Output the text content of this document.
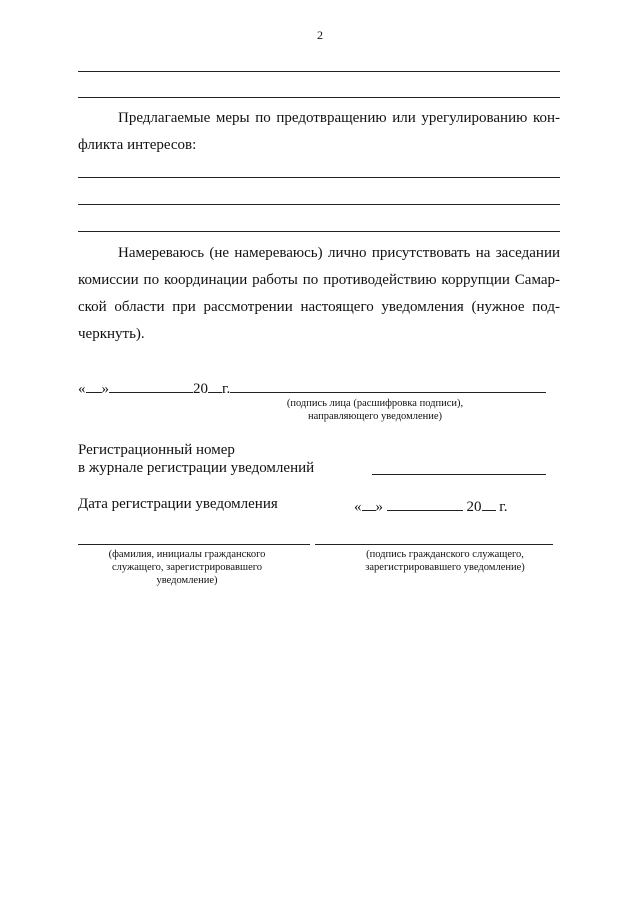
2
Предлагаемые меры по предотвращению или урегулированию кон-
фликта интересов:
Намереваюсь (не намереваюсь) лично присутствовать на заседании
комиссии по координации работы по противодействию коррупции Самар-
ской области при рассмотрении настоящего уведомления (нужное под-
черкнуть).
« »	20 г.
(подпись лица (расшифровка подписи),
направляющего уведомление)
Регистрационный номер
в журнале регистрации уведомлений
Дата регистрации уведомления	« »	20 г.
(фамилия, инициалы гражданского
служащего, зарегистрировавшего
уведомление)
(подпись гражданского служащего,
зарегистрировавшего уведомление)
